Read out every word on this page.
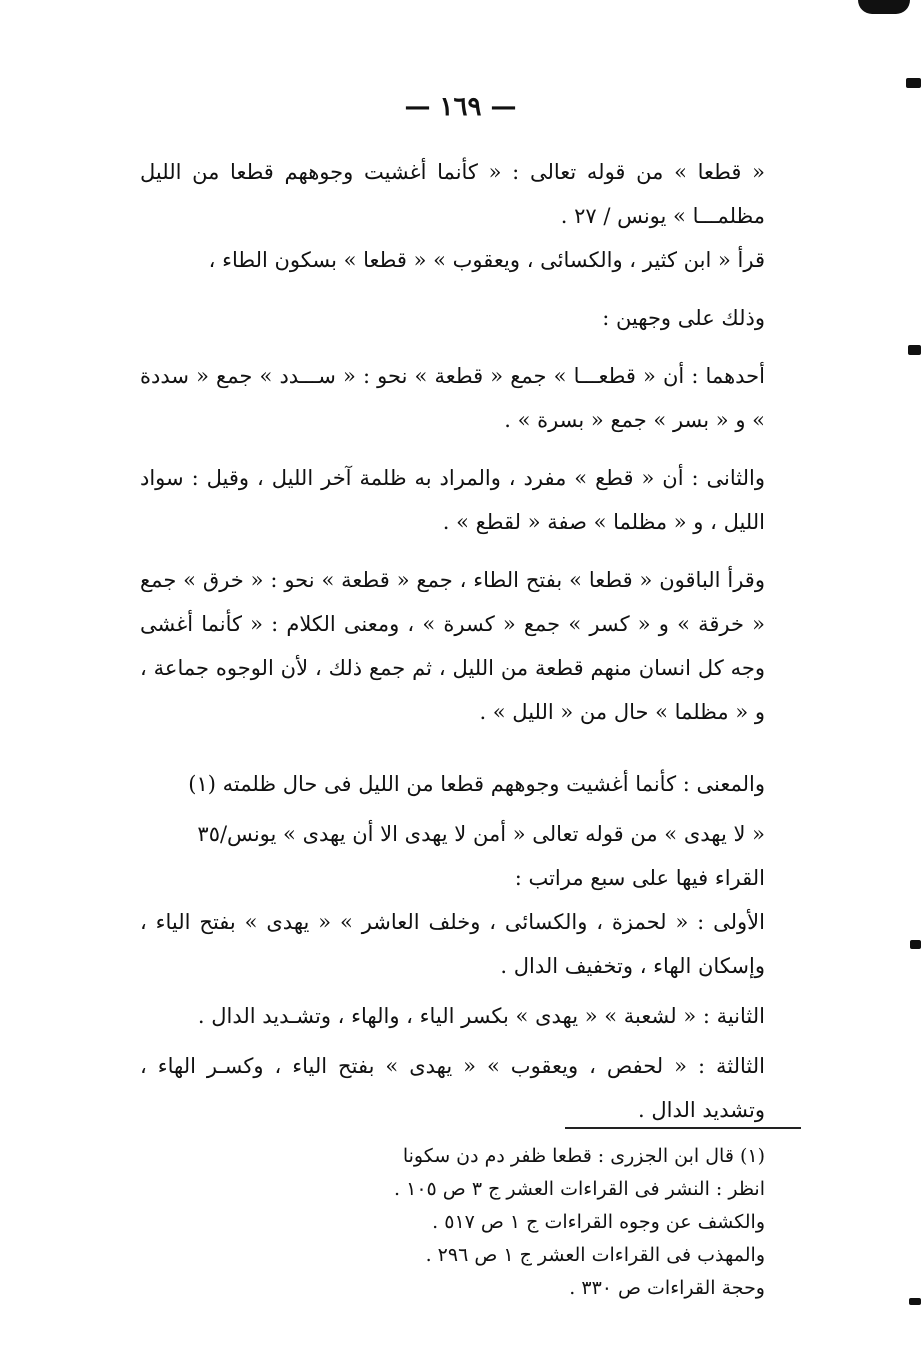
— ١٦٩ —

« قطعا » من قوله تعالى : « كأنما أغشيت وجوههم قطعا من الليل مظلمـــا » يونس / ٢٧ .

قرأ « ابن كثير ، والكسائى ، ويعقوب » « قطعا » بسكون الطاء ،

وذلك على وجهين :

أحدهما : أن « قطعـــا » جمع « قطعة » نحو : « ســـدد » جمع « سددة » و « بسر » جمع « بسرة » .

والثانى : أن « قطع » مفرد ، والمراد به ظلمة آخر الليل ، وقيل : سواد الليل ، و « مظلما » صفة « لقطع » .

وقرأ الباقون « قطعا » بفتح الطاء ، جمع « قطعة » نحو : « خرق » جمع « خرقة » و « كسر » جمع « كسرة » ، ومعنى الكلام : « كأنما أغشى وجه كل انسان منهم قطعة من الليل ، ثم جمع ذلك ، لأن الوجوه جماعة ، و « مظلما » حال من « الليل » .

والمعنى : كأنما أغشيت وجوههم قطعا من الليل فى حال ظلمته (١)

« لا يهدى » من قوله تعالى « أمن لا يهدى الا أن يهدى » يونس/٣٥

القراء فيها على سبع مراتب :

الأولى : « لحمزة ، والكسائى ، وخلف العاشر » « يهدى » بفتح الياء ، وإسكان الهاء ، وتخفيف الدال .

الثانية : « لشعبة » « يهدى » بكسر الياء ، والهاء ، وتشـديد الدال .

الثالثة : « لحفص ، ويعقوب » « يهدى » بفتح الياء ، وكسـر الهاء ، وتشديد الدال .

(١) قال ابن الجزرى : قطعا ظفر دم دن سكونا

انظر : النشر فى القراءات العشر ج ٣ ص ١٠٥ .

والكشف عن وجوه القراءات ج ١ ص ٥١٧ .

والمهذب فى القراءات العشر ج ١ ص ٢٩٦ .

وحجة القراءات ص ٣٣٠ .
